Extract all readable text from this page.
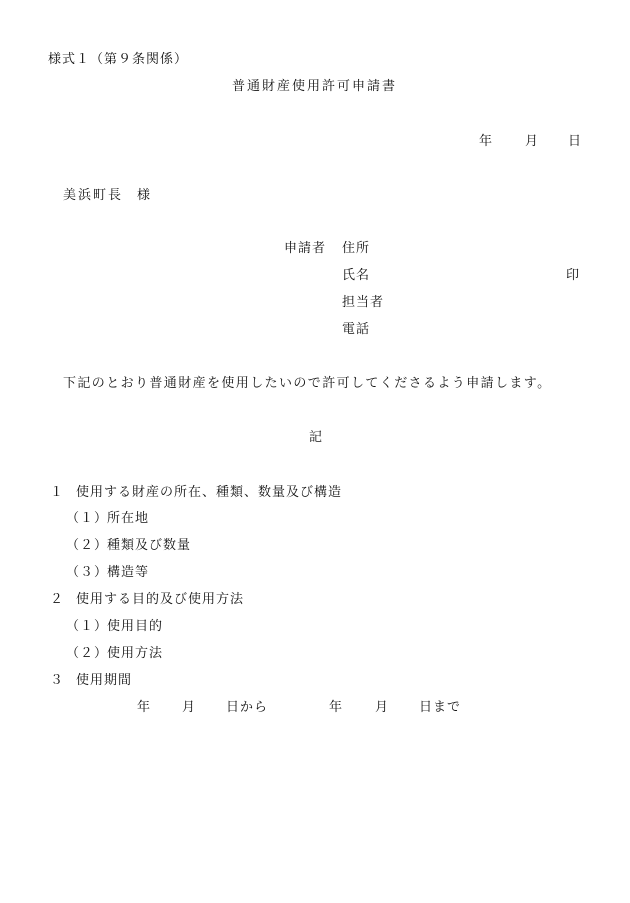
様式１（第９条関係）
普通財産使用許可申請書
年 月 日
美浜町長 様
申請者 住所
氏名	印
担当者
電話
下記のとおり普通財産を使用したいので許可してくださるよう申請します。
記
１ 使用する財産の所在、種類、数量及び構造
（１）
所在地
（２）
種類及び数量
（３）
構造等
２ 使用する目的及び使用方法
（１）
使用目的
（２）
使用方法
３ 使用期間
年 月 日から	年 月 日まで
